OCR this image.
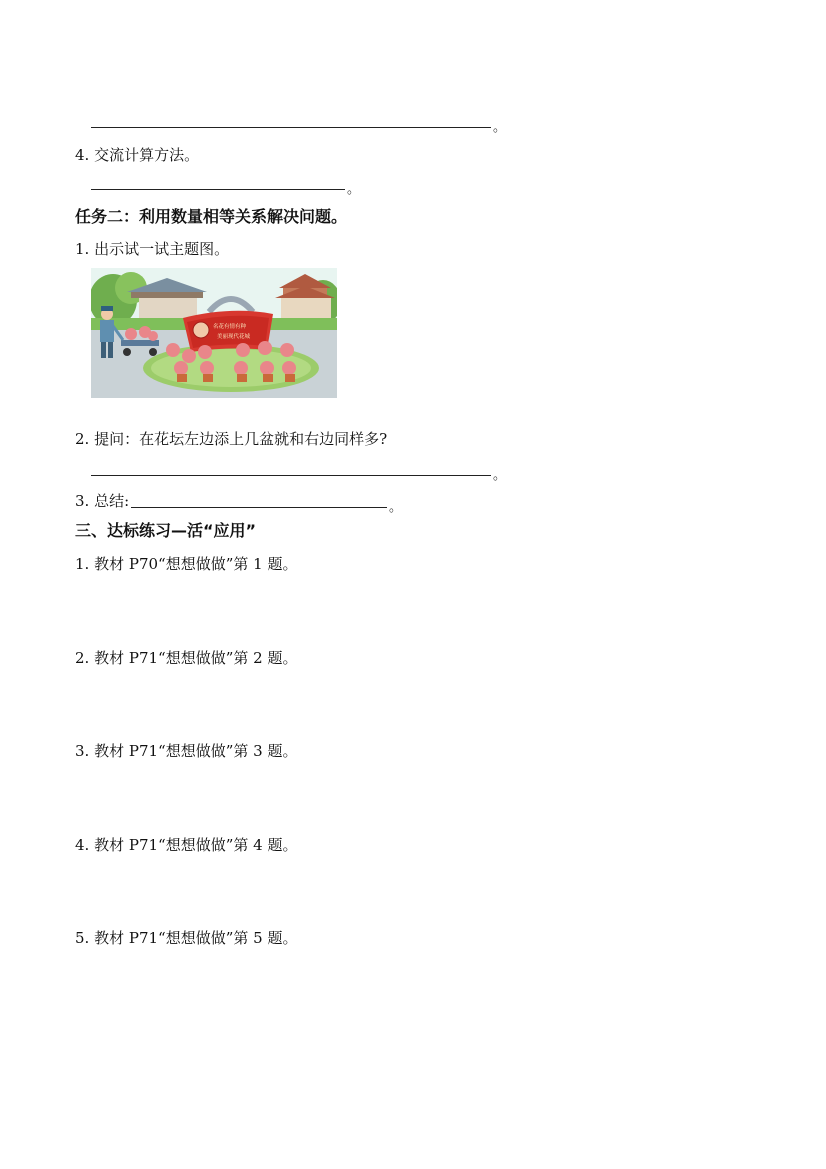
。
4. 交流计算方法。
。
任务二：利用数量相等关系解决问题。
1. 出示试一试主题图。
名花有情有种
美丽现代花城
2. 提问：在花坛左边添上几盆就和右边同样多?
。
3. 总结:	。
三、达标练习—活“应用”
1. 教材 P70“想想做做”第 1 题。
2. 教材 P71“想想做做”第 2 题。
3. 教材 P71“想想做做”第 3 题。
4. 教材 P71“想想做做”第 4 题。
5. 教材 P71“想想做做”第 5 题。
